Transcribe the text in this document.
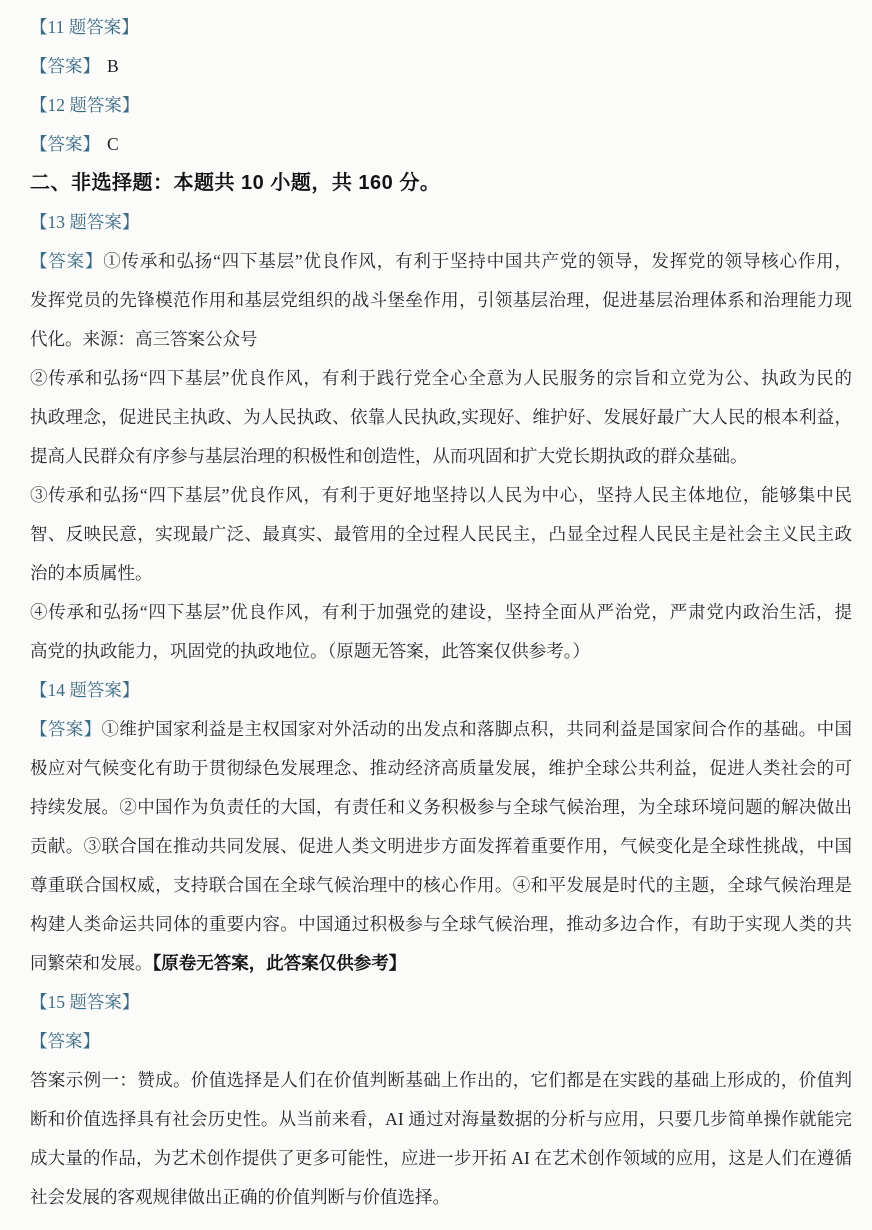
【11 题答案】
【答案】 B
【12 题答案】
【答案】 C
二、非选择题：本题共 10 小题，共 160 分。
【13 题答案】
【答案】①传承和弘扬“四下基层”优良作风，有利于坚持中国共产党的领导，发挥党的领导核心作用，
发挥党员的先锋模范作用和基层党组织的战斗堡垒作用，引领基层治理，促进基层治理体系和治理能力现
代化。来源：高三答案公众号
②传承和弘扬“四下基层”优良作风，有利于践行党全心全意为人民服务的宗旨和立党为公、执政为民的
执政理念，促进民主执政、为人民执政、依靠人民执政,实现好、维护好、发展好最广大人民的根本利益，
提高人民群众有序参与基层治理的积极性和创造性，从而巩固和扩大党长期执政的群众基础。
③传承和弘扬“四下基层”优良作风，有利于更好地坚持以人民为中心，坚持人民主体地位，能够集中民
智、反映民意，实现最广泛、最真实、最管用的全过程人民民主，凸显全过程人民民主是社会主义民主政
治的本质属性。
④传承和弘扬“四下基层”优良作风，有利于加强党的建设，坚持全面从严治党，严肃党内政治生活，提
高党的执政能力，巩固党的执政地位。（原题无答案，此答案仅供参考。）
【14 题答案】
【答案】①维护国家利益是主权国家对外活动的出发点和落脚点积，共同利益是国家间合作的基础。中国
极应对气候变化有助于贯彻绿色发展理念、推动经济高质量发展，维护全球公共利益，促进人类社会的可
持续发展。②中国作为负责任的大国，有责任和义务积极参与全球气候治理，为全球环境问题的解决做出
贡献。③联合国在推动共同发展、促进人类文明进步方面发挥着重要作用，气候变化是全球性挑战，中国
尊重联合国权威，支持联合国在全球气候治理中的核心作用。④和平发展是时代的主题，全球气候治理是
构建人类命运共同体的重要内容。中国通过积极参与全球气候治理，推动多边合作，有助于实现人类的共
同繁荣和发展。【原卷无答案，此答案仅供参考】
【15 题答案】
【答案】
答案示例一：赞成。价值选择是人们在价值判断基础上作出的，它们都是在实践的基础上形成的，价值判
断和价值选择具有社会历史性。从当前来看，AI 通过对海量数据的分析与应用，只要几步简单操作就能完
成大量的作品，为艺术创作提供了更多可能性，应进一步开拓 AI 在艺术创作领域的应用，这是人们在遵循
社会发展的客观规律做出正确的价值判断与价值选择。
